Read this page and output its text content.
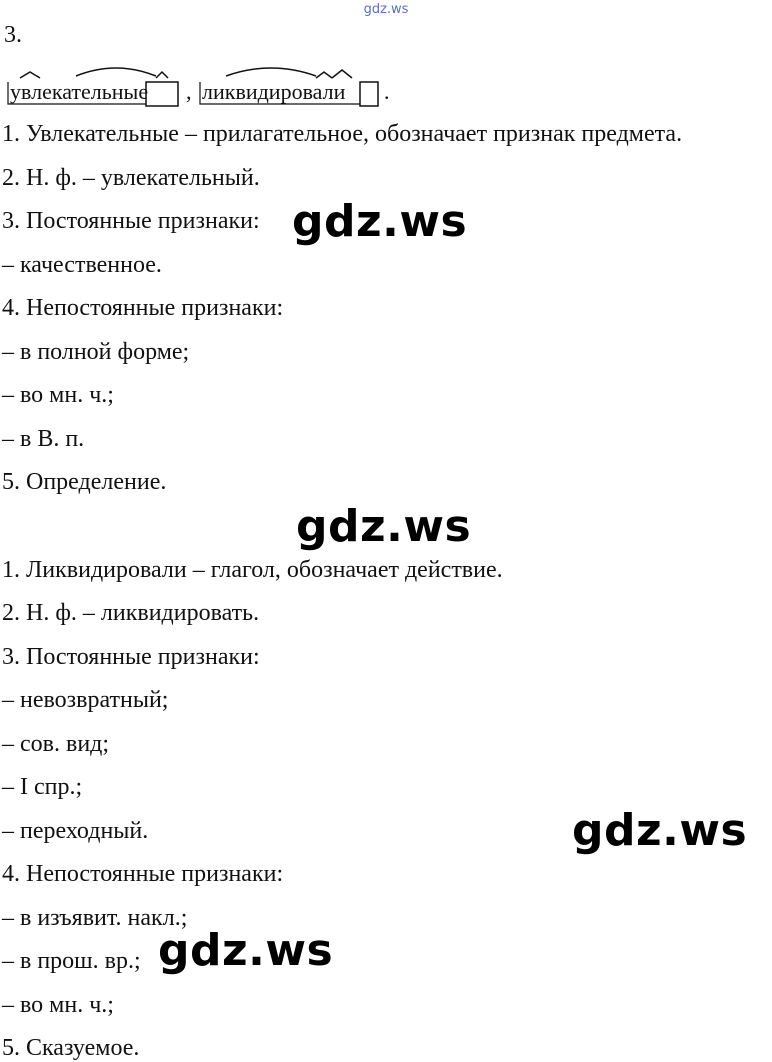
gdz.ws
3.
увлекательные , ликвидировали .
1. Увлекательные – прилагательное, обозначает признак предмета.
2. Н. ф. – увлекательный.
3. Постоянные признаки:
– качественное.
4. Непостоянные признаки:
– в полной форме;
– во мн. ч.;
– в В. п.
5. Определение.
1. Ликвидировали – глагол, обозначает действие.
2. Н. ф. – ликвидировать.
3. Постоянные признаки:
– невозвратный;
– сов. вид;
– I спр.;
– переходный.
4. Непостоянные признаки:
– в изъявит. накл.;
– в прош. вр.;
– во мн. ч.;
5. Сказуемое.
gdz.ws
gdz.ws
gdz.ws
gdz.ws
